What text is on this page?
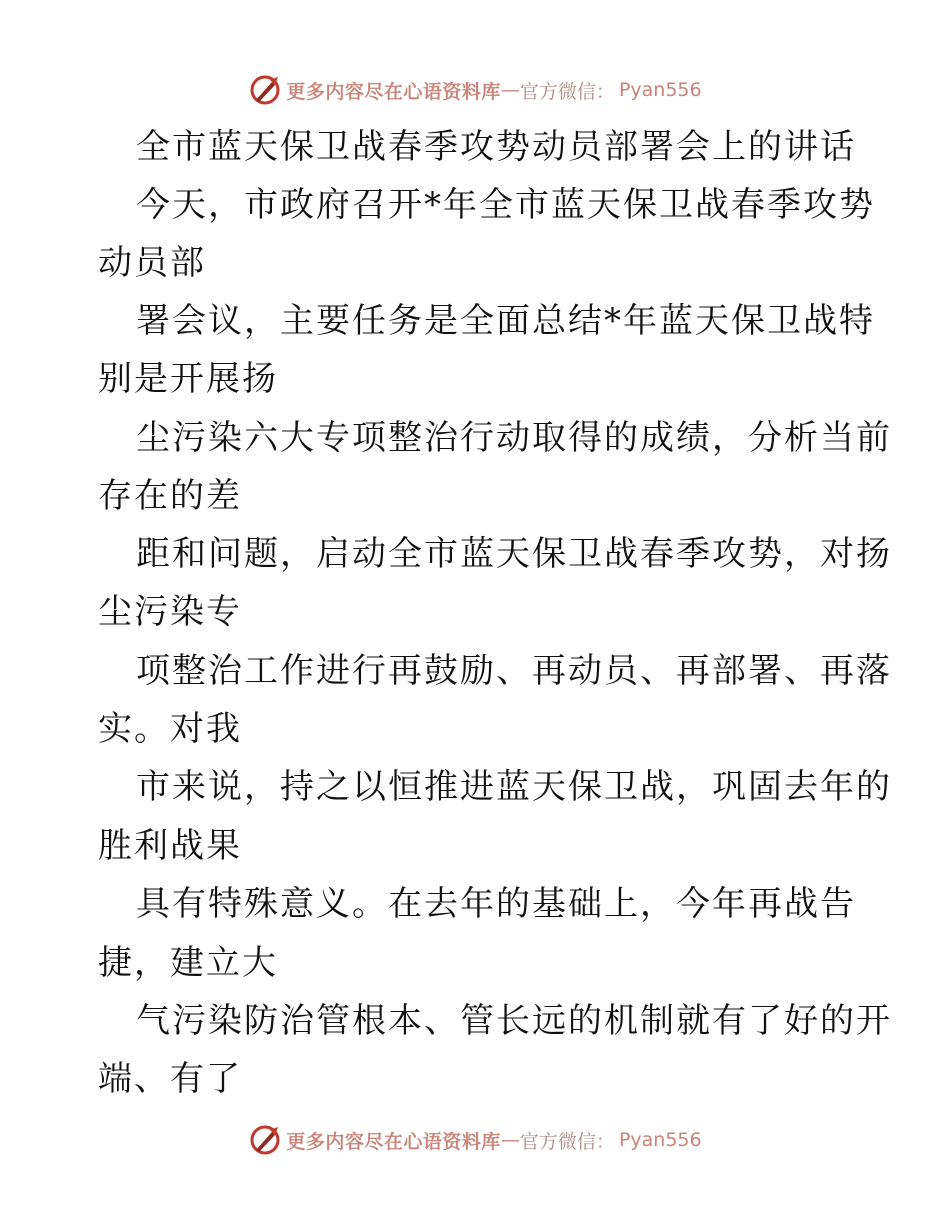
更多内容尽在心语资料库 — 官方微信： Pyan556
全市蓝天保卫战春季攻势动员部署会上的讲话
今天，市政府召开*年全市蓝天保卫战春季攻势
动员部
署会议，主要任务是全面总结*年蓝天保卫战特
别是开展扬
尘污染六大专项整治行动取得的成绩，分析当前
存在的差
距和问题，启动全市蓝天保卫战春季攻势，对扬
尘污染专
项整治工作进行再鼓励、再动员、再部署、再落
实。对我
市来说，持之以恒推进蓝天保卫战，巩固去年的
胜利战果
具有特殊意义。在去年的基础上，今年再战告
捷，建立大
气污染防治管根本、管长远的机制就有了好的开
端、有了
更多内容尽在心语资料库 — 官方微信： Pyan556
